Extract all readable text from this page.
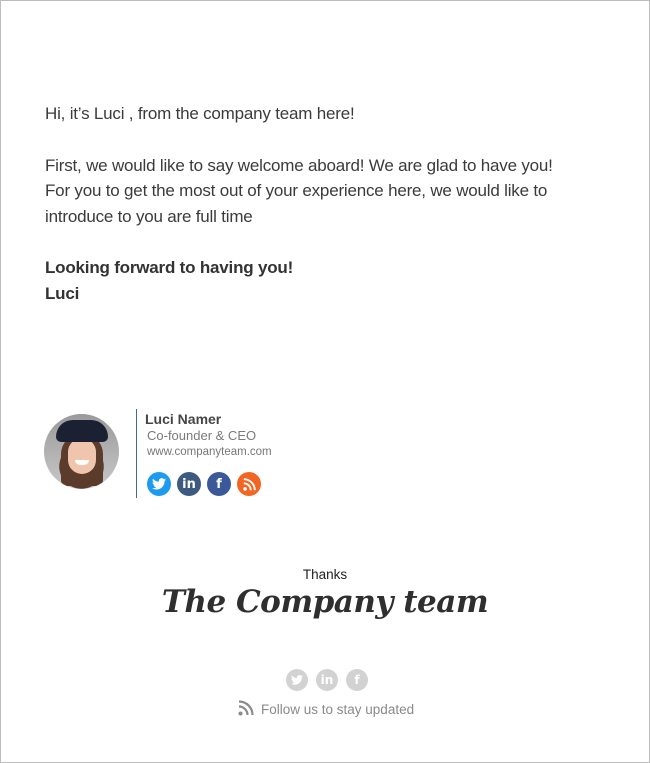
Hi, it’s Luci , from the company team here!

First, we would like to say welcome aboard! We are glad to have you!

For you to get the most out of your experience here, we would like to

introduce to you are full time

Looking forward to having you!

Luci

Luci Namer
Co-founder & CEO
www.companyteam.com
in	f
Thanks
The Company team
in	f
Follow us to stay updated
